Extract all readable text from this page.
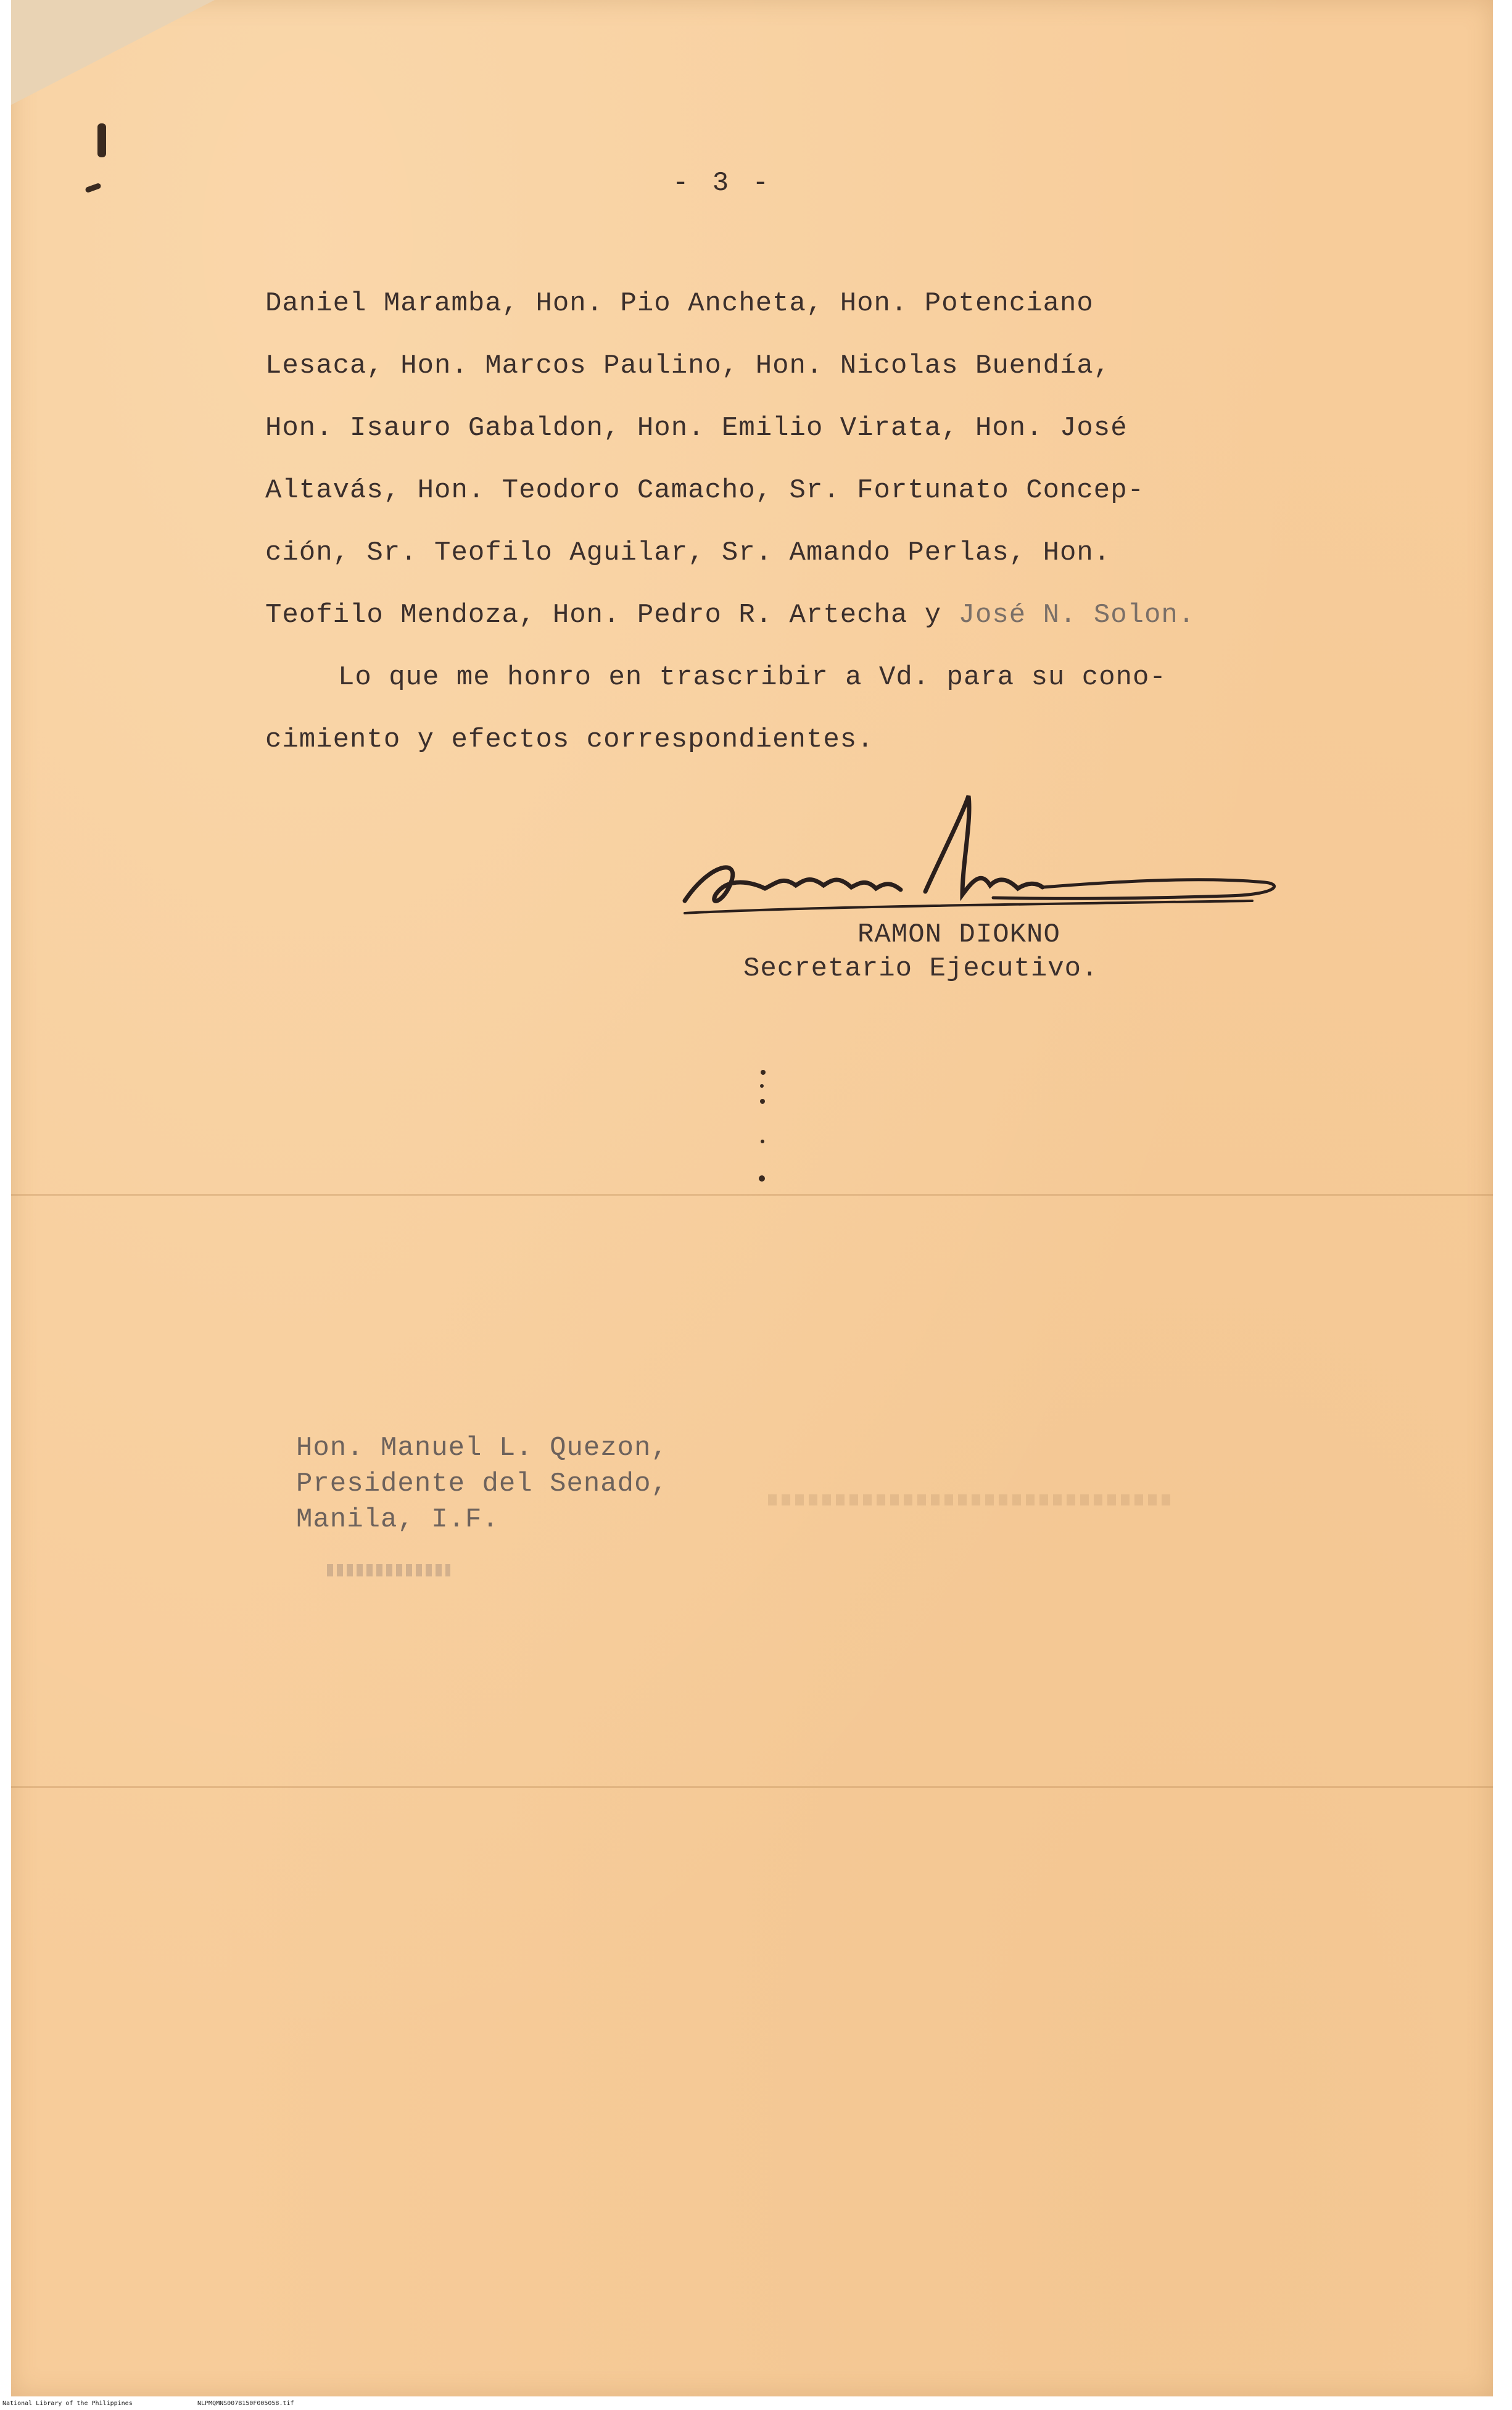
- 3 -
Daniel Maramba, Hon. Pio Ancheta, Hon. Potenciano
Lesaca, Hon. Marcos Paulino, Hon. Nicolas Buendía,
Hon. Isauro Gabaldon, Hon. Emilio Virata, Hon. José
Altavás, Hon. Teodoro Camacho, Sr. Fortunato Concep-
ción, Sr. Teofilo Aguilar, Sr. Amando Perlas, Hon.
Teofilo Mendoza, Hon. Pedro R. Artecha y José N. Solon.
Lo que me honro en trascribir a Vd. para su cono-
cimiento y efectos correspondientes.
RAMON DIOKNO
Secretario Ejecutivo.
Hon. Manuel L. Quezon,
Presidente del Senado,
Manila, I.F.
National Library of the Philippines	NLPMQMNS007B150F005058.tif
